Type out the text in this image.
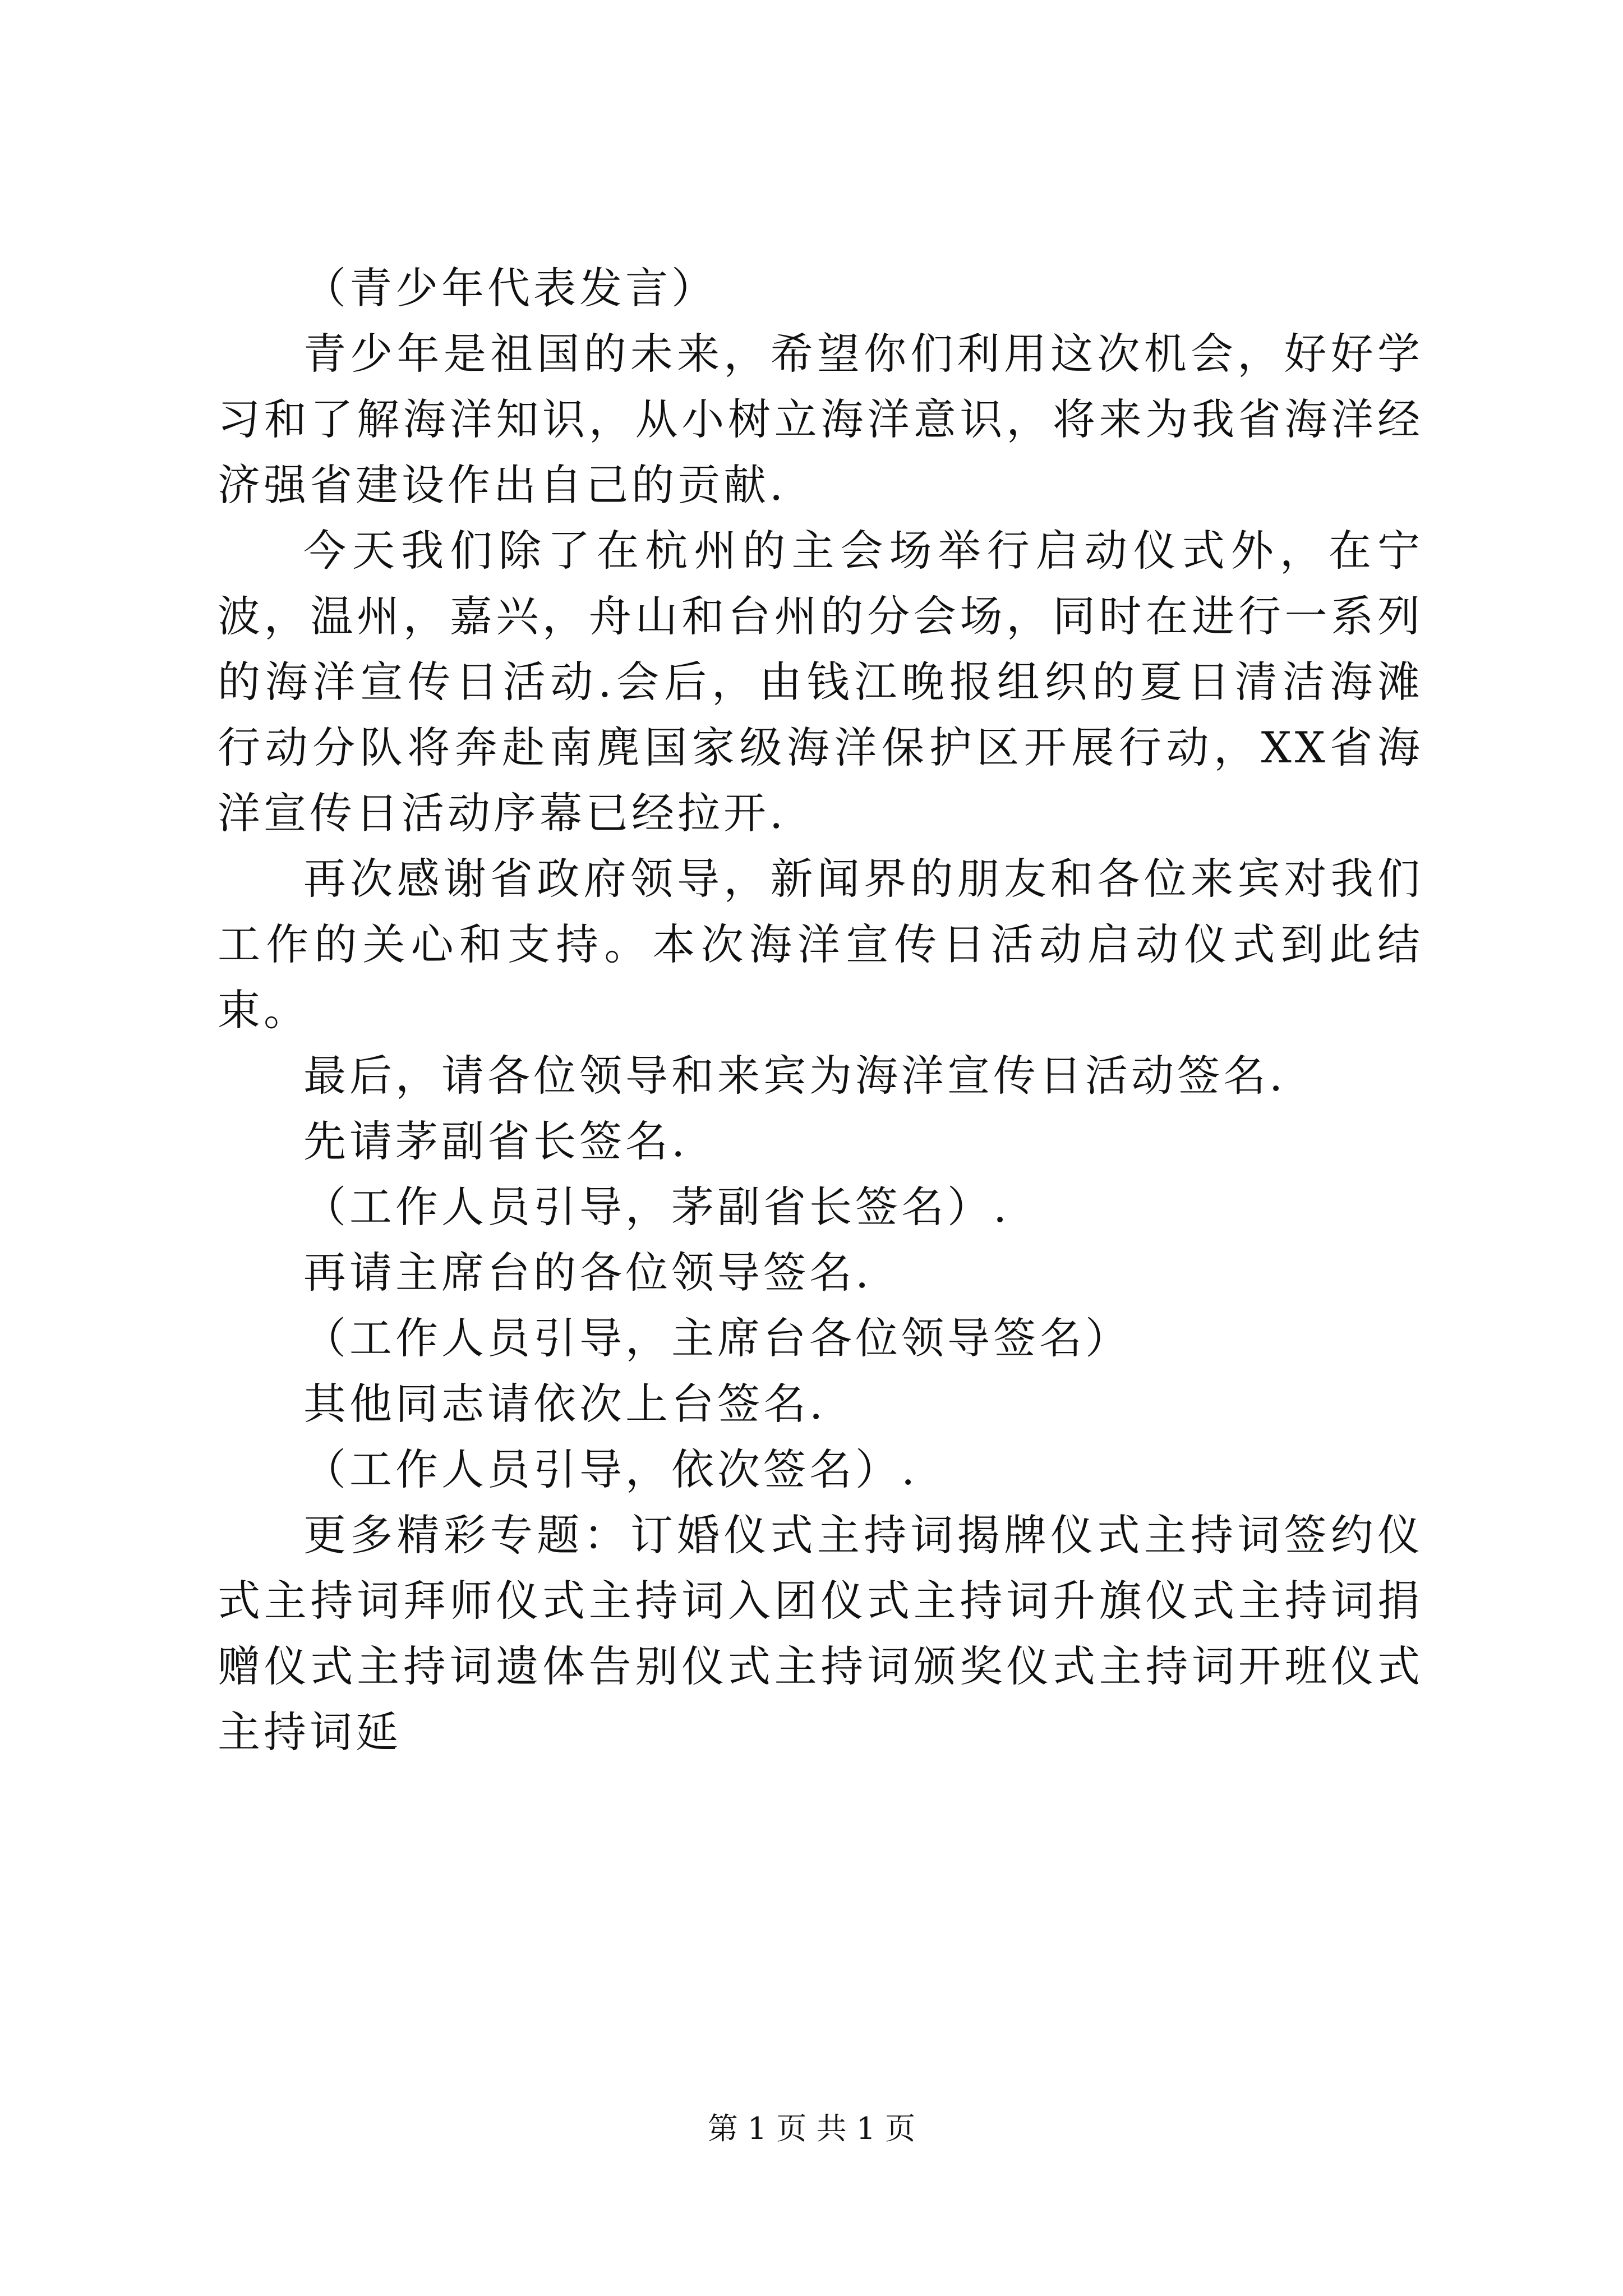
（青少年代表发言）

青少年是祖国的未来，希望你们利用这次机会，好好学习和了解海洋知识，从小树立海洋意识，将来为我省海洋经济强省建设作出自己的贡献.

今天我们除了在杭州的主会场举行启动仪式外，在宁波，温州，嘉兴，舟山和台州的分会场，同时在进行一系列的海洋宣传日活动.会后，由钱江晚报组织的夏日清洁海滩行动分队将奔赴南麂国家级海洋保护区开展行动，XX省海洋宣传日活动序幕已经拉开.

再次感谢省政府领导，新闻界的朋友和各位来宾对我们工作的关心和支持。本次海洋宣传日活动启动仪式到此结束。

最后，请各位领导和来宾为海洋宣传日活动签名.

先请茅副省长签名.

（工作人员引导，茅副省长签名）.

再请主席台的各位领导签名.

（工作人员引导，主席台各位领导签名）

其他同志请依次上台签名.

（工作人员引导，依次签名）.

更多精彩专题：订婚仪式主持词揭牌仪式主持词签约仪式主持词拜师仪式主持词入团仪式主持词升旗仪式主持词捐赠仪式主持词遗体告别仪式主持词颁奖仪式主持词开班仪式主持词延

第 1 页 共 1 页
